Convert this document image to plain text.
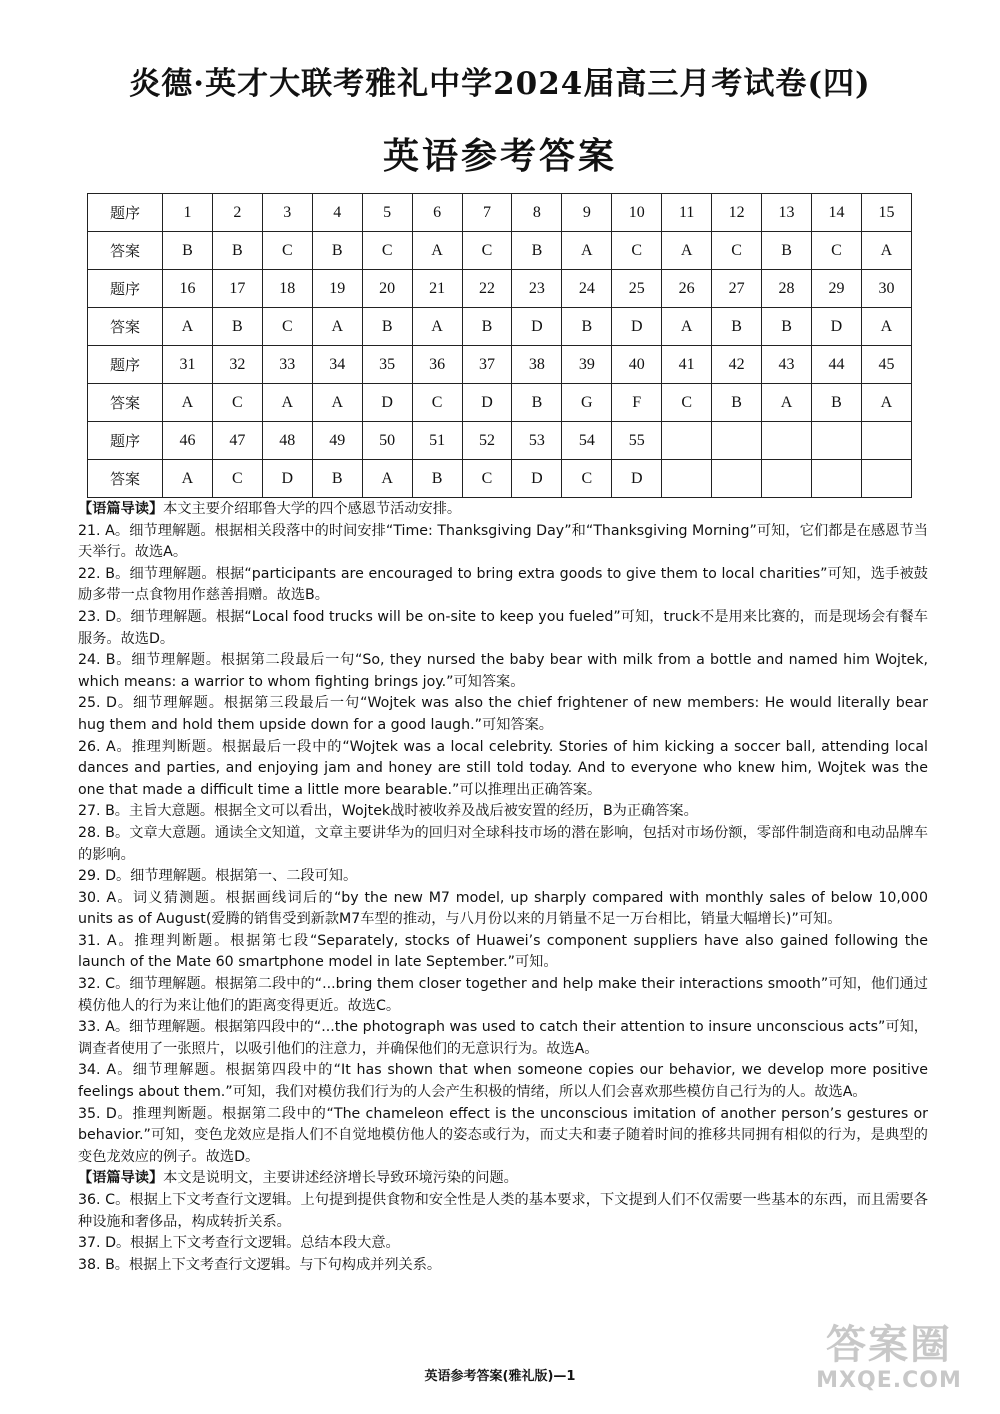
炎德·英才大联考雅礼中学2024届高三月考试卷(四)
英语参考答案
题序	1	2	3	4	5	6	7	8	9	10	11	12	13	14	15
答案	B	B	C	B	C	A	C	B	A	C	A	C	B	C	A
题序	16	17	18	19	20	21	22	23	24	25	26	27	28	29	30
答案	A	B	C	A	B	A	B	D	B	D	A	B	B	D	A
题序	31	32	33	34	35	36	37	38	39	40	41	42	43	44	45
答案	A	C	A	A	D	C	D	B	G	F	C	B	A	B	A
题序	46	47	48	49	50	51	52	53	54	55					
答案	A	C	D	B	A	B	C	D	C	D					

【语篇导读】本文主要介绍耶鲁大学的四个感恩节活动安排。

21. A。细节理解题。根据相关段落中的时间安排“Time: Thanksgiving Day”和“Thanksgiving Morning”可知，它们都是在感恩节当天举行。故选A。

22. B。细节理解题。根据“participants are encouraged to bring extra goods to give them to local charities”可知，选手被鼓励多带一点食物用作慈善捐赠。故选B。

23. D。细节理解题。根据“Local food trucks will be on-site to keep you fueled”可知，truck不是用来比赛的，而是现场会有餐车服务。故选D。

24. B。细节理解题。根据第二段最后一句“So, they nursed the baby bear with milk from a bottle and named him Wojtek, which means: a warrior to whom fighting brings joy.”可知答案。

25. D。细节理解题。根据第三段最后一句“Wojtek was also the chief frightener of new members: He would literally bear hug them and hold them upside down for a good laugh.”可知答案。

26. A。推理判断题。根据最后一段中的“Wojtek was a local celebrity. Stories of him kicking a soccer ball, attending local dances and parties, and enjoying jam and honey are still told today. And to everyone who knew him, Wojtek was the one that made a difficult time a little more bearable.”可以推理出正确答案。

27. B。主旨大意题。根据全文可以看出，Wojtek战时被收养及战后被安置的经历，B为正确答案。

28. B。文章大意题。通读全文知道，文章主要讲华为的回归对全球科技市场的潜在影响，包括对市场份额，零部件制造商和电动品牌车的影响。

29. D。细节理解题。根据第一、二段可知。

30. A。词义猜测题。根据画线词后的“by the new M7 model, up sharply compared with monthly sales of below 10,000 units as of August(爱腾的销售受到新款M7车型的推动，与八月份以来的月销量不足一万台相比，销量大幅增长)”可知。

31. A。推理判断题。根据第七段“Separately, stocks of Huawei’s component suppliers have also gained following the launch of the Mate 60 smartphone model in late September.”可知。

32. C。细节理解题。根据第二段中的“...bring them closer together and help make their interactions smooth”可知，他们通过模仿他人的行为来让他们的距离变得更近。故选C。

33. A。细节理解题。根据第四段中的“...the photograph was used to catch their attention to insure unconscious acts”可知，调查者使用了一张照片，以吸引他们的注意力，并确保他们的无意识行为。故选A。

34. A。细节理解题。根据第四段中的“It has shown that when someone copies our behavior, we develop more positive feelings about them.”可知，我们对模仿我们行为的人会产生积极的情绪，所以人们会喜欢那些模仿自己行为的人。故选A。

35. D。推理判断题。根据第二段中的“The chameleon effect is the unconscious imitation of another person’s gestures or behavior.”可知，变色龙效应是指人们不自觉地模仿他人的姿态或行为，而丈夫和妻子随着时间的推移共同拥有相似的行为，是典型的变色龙效应的例子。故选D。

【语篇导读】本文是说明文，主要讲述经济增长导致环境污染的问题。

36. C。根据上下文考查行文逻辑。上句提到提供食物和安全性是人类的基本要求，下文提到人们不仅需要一些基本的东西，而且需要各种设施和奢侈品，构成转折关系。

37. D。根据上下文考查行文逻辑。总结本段大意。

38. B。根据上下文考查行文逻辑。与下句构成并列关系。

英语参考答案(雅礼版)—1
答案圈
MXQE.COM
